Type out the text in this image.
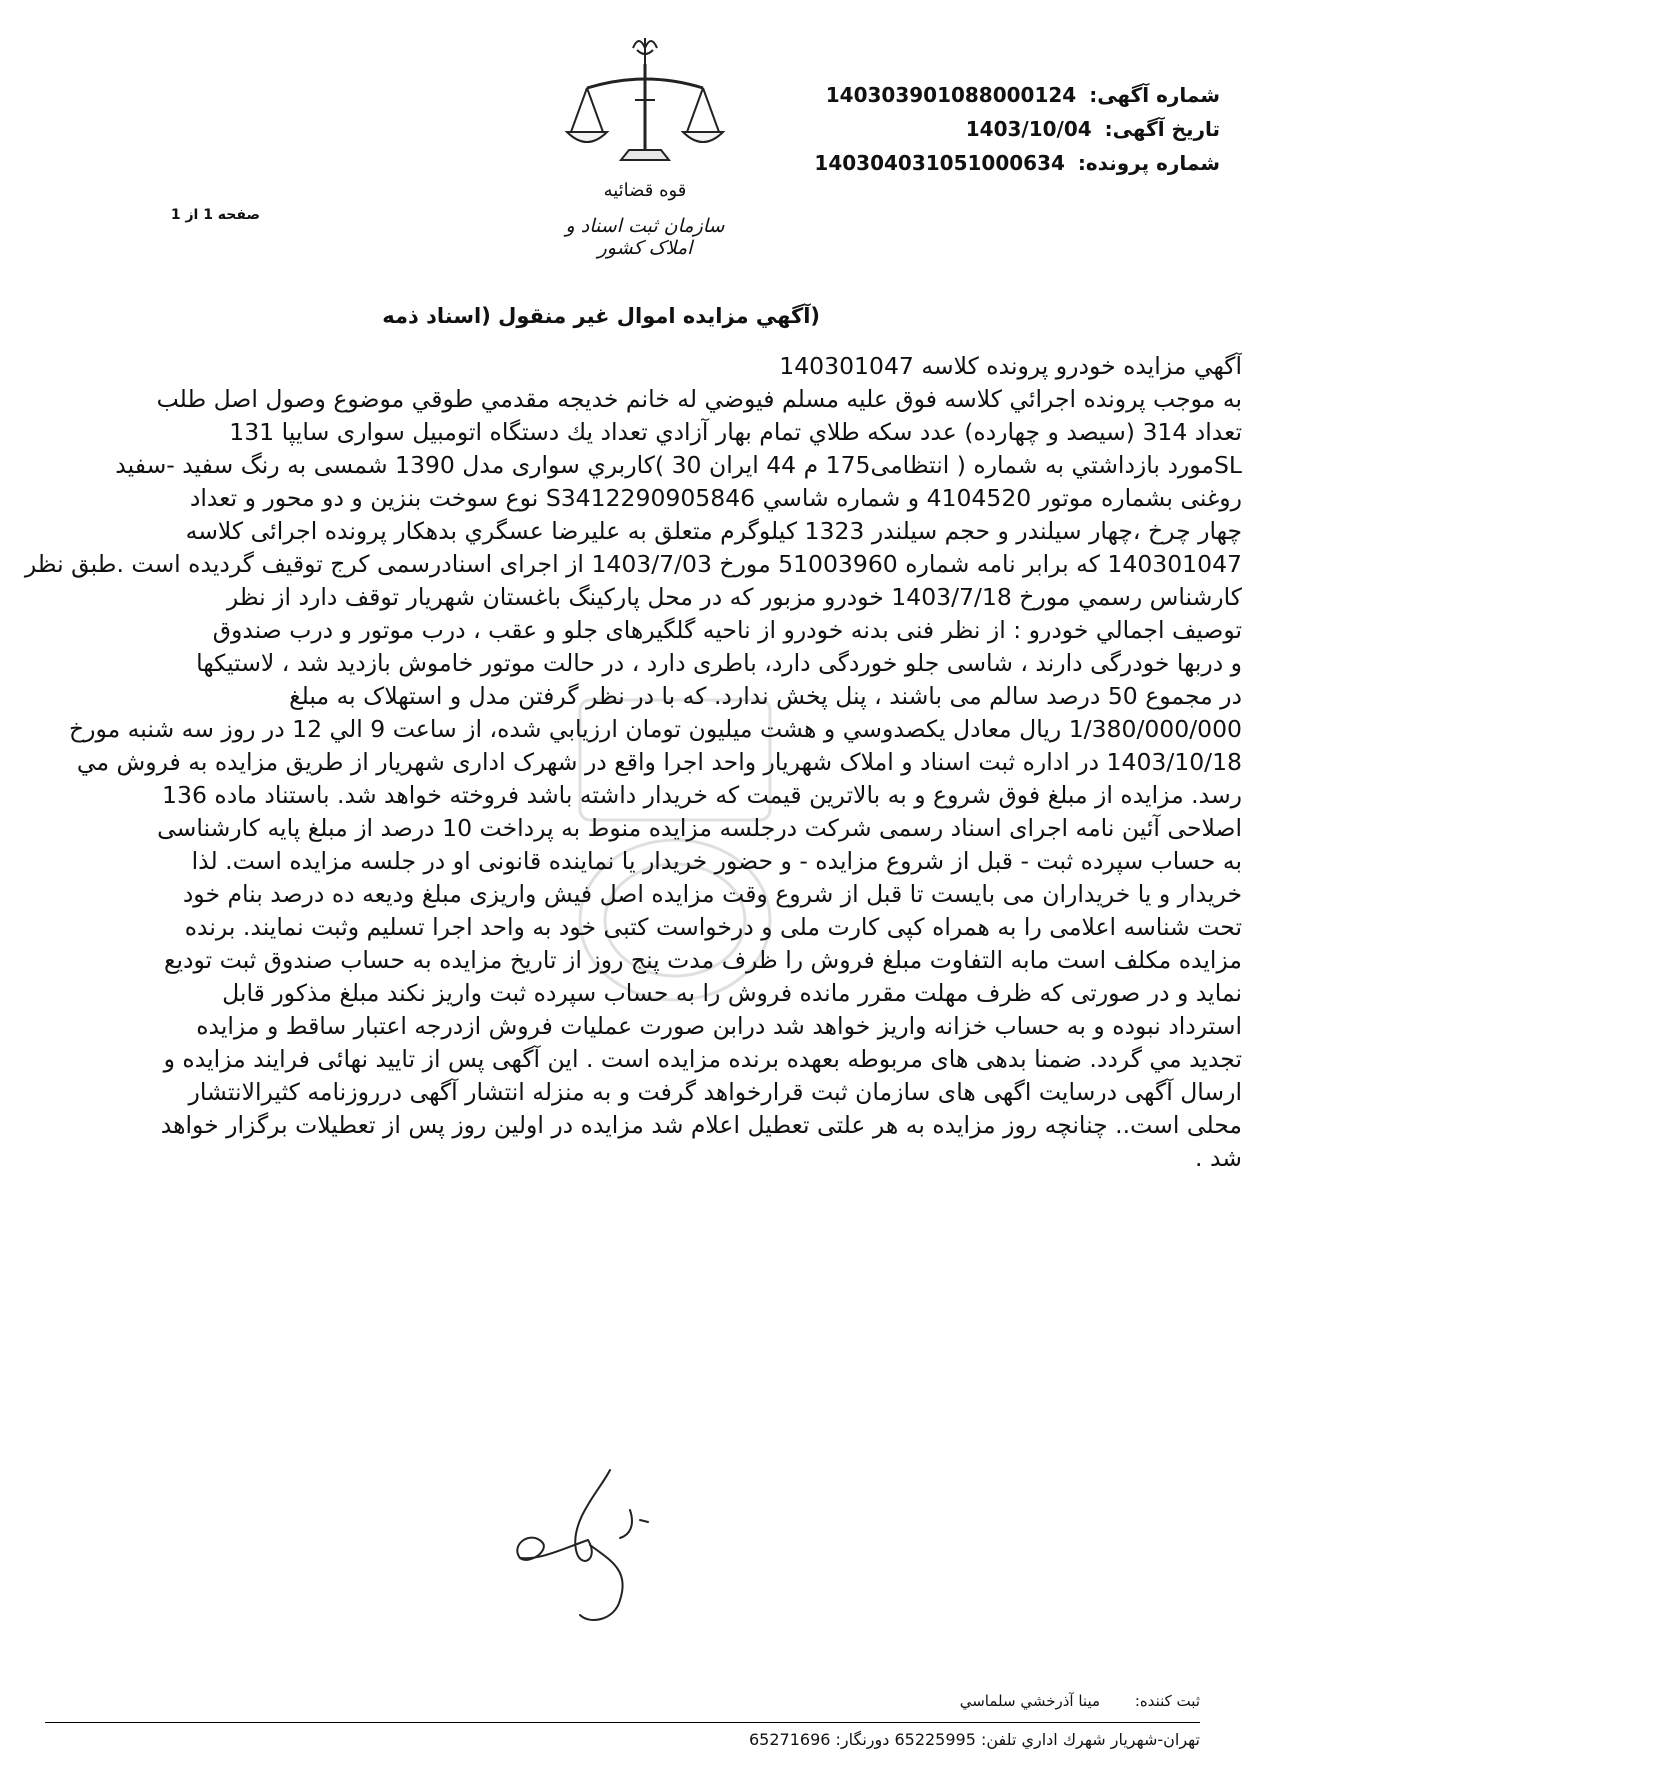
شماره آگهی: 140303901088000124
تاريخ آگهی: 1403/10/04
شماره پرونده: 140304031051000634
قوه قضائیه
سازمان ثبت اسناد و املاک کشور
صفحه 1 از 1
(آگهي مزايده اموال غير منقول (اسناد ذمه
آگهي مزايده خودرو پرونده كلاسه 140301047
به موجب پرونده اجرائي كلاسه فوق عليه مسلم فيوضي له خانم خديجه مقدمي طوقي موضوع وصول اصل طلب
تعداد 314 (سيصد و چهارده) عدد سكه طلاي تمام بهار آزادي تعداد يك دستگاه اتومبيل سواری سايپا 131
SLمورد بازداشتي به شماره ( انتظامی175 م 44 ايران 30 )كاربري سواری مدل 1390 شمسی به رنگ سفيد -سفيد
روغنی بشماره موتور 4104520 و شماره شاسي S3412290905846 نوع سوخت بنزين و دو محور و تعداد
چهار چرخ ،چهار سيلندر و حجم سيلندر 1323 كيلوگرم متعلق به عليرضا عسگري بدهكار پرونده اجرائی كلاسه
140301047 كه برابر نامه شماره 51003960 مورخ 1403/7/03 از اجرای اسنادرسمی كرج توقيف گرديده است .طبق نظر
كارشناس رسمي مورخ 1403/7/18 خودرو مزبور كه در محل پاركينگ باغستان شهريار توقف دارد از نظر
توصيف اجمالي خودرو : از نظر فنی بدنه خودرو از ناحيه گلگيرهای جلو و عقب ، درب موتور و درب صندوق
و دربها خودرگی دارند ، شاسی جلو خوردگی دارد، باطری دارد ، در حالت موتور خاموش بازديد شد ، لاستيكها
در مجموع 50 درصد سالم می باشند ، پنل پخش ندارد. كه با در نظر گرفتن مدل و استهلاک به مبلغ
1/380/000/000 ريال معادل يكصدوسي و هشت ميليون تومان ارزيابي شده، از ساعت 9 الي 12 در روز سه شنبه مورخ
1403/10/18 در اداره ثبت اسناد و املاک شهريار واحد اجرا واقع در شهرک اداری شهريار از طريق مزايده به فروش مي
رسد. مزايده از مبلغ فوق شروع و به بالاترين قيمت كه خريدار داشته باشد فروخته خواهد شد. باستناد ماده 136
اصلاحی آئين نامه اجرای اسناد رسمی شركت درجلسه مزايده منوط به پرداخت 10 درصد از مبلغ پايه كارشناسی
به حساب سپرده ثبت - قبل از شروع مزايده - و حضور خريدار يا نماينده قانونی او در جلسه مزايده است. لذا
خريدار و يا خريداران می بايست تا قبل از شروع وقت مزايده اصل فيش واريزی مبلغ وديعه ده درصد بنام خود
تحت شناسه اعلامی را به همراه كپی كارت ملی و درخواست كتبی خود به واحد اجرا تسليم وثبت نمايند. برنده
مزايده مكلف است مابه التفاوت مبلغ فروش را ظرف مدت پنج روز از تاريخ مزايده به حساب صندوق ثبت توديع
نمايد و در صورتی كه ظرف مهلت مقرر مانده فروش را به حساب سپرده ثبت واريز نكند مبلغ مذكور قابل
استرداد نبوده و به حساب خزانه واريز خواهد شد درابن صورت عمليات فروش ازدرجه اعتبار ساقط و مزايده
تجديد مي گردد. ضمنا بدهی های مربوطه بعهده برنده مزايده است . اين آگهی پس از تاييد نهائی فرايند مزايده و
ارسال آگهی درسايت اگهی های سازمان ثبت قرارخواهد گرفت و به منزله انتشار آگهی درروزنامه كثيرالانتشار
محلی است.. چنانچه روز مزايده به هر علتی تعطيل اعلام شد مزايده در اولين روز پس از تعطيلات برگزار خواهد
شد .
ثبت كننده: مينا آذرخشي سلماسي
تهران-شهريار شهرك اداري تلفن: 65225995 دورنگار: 65271696
